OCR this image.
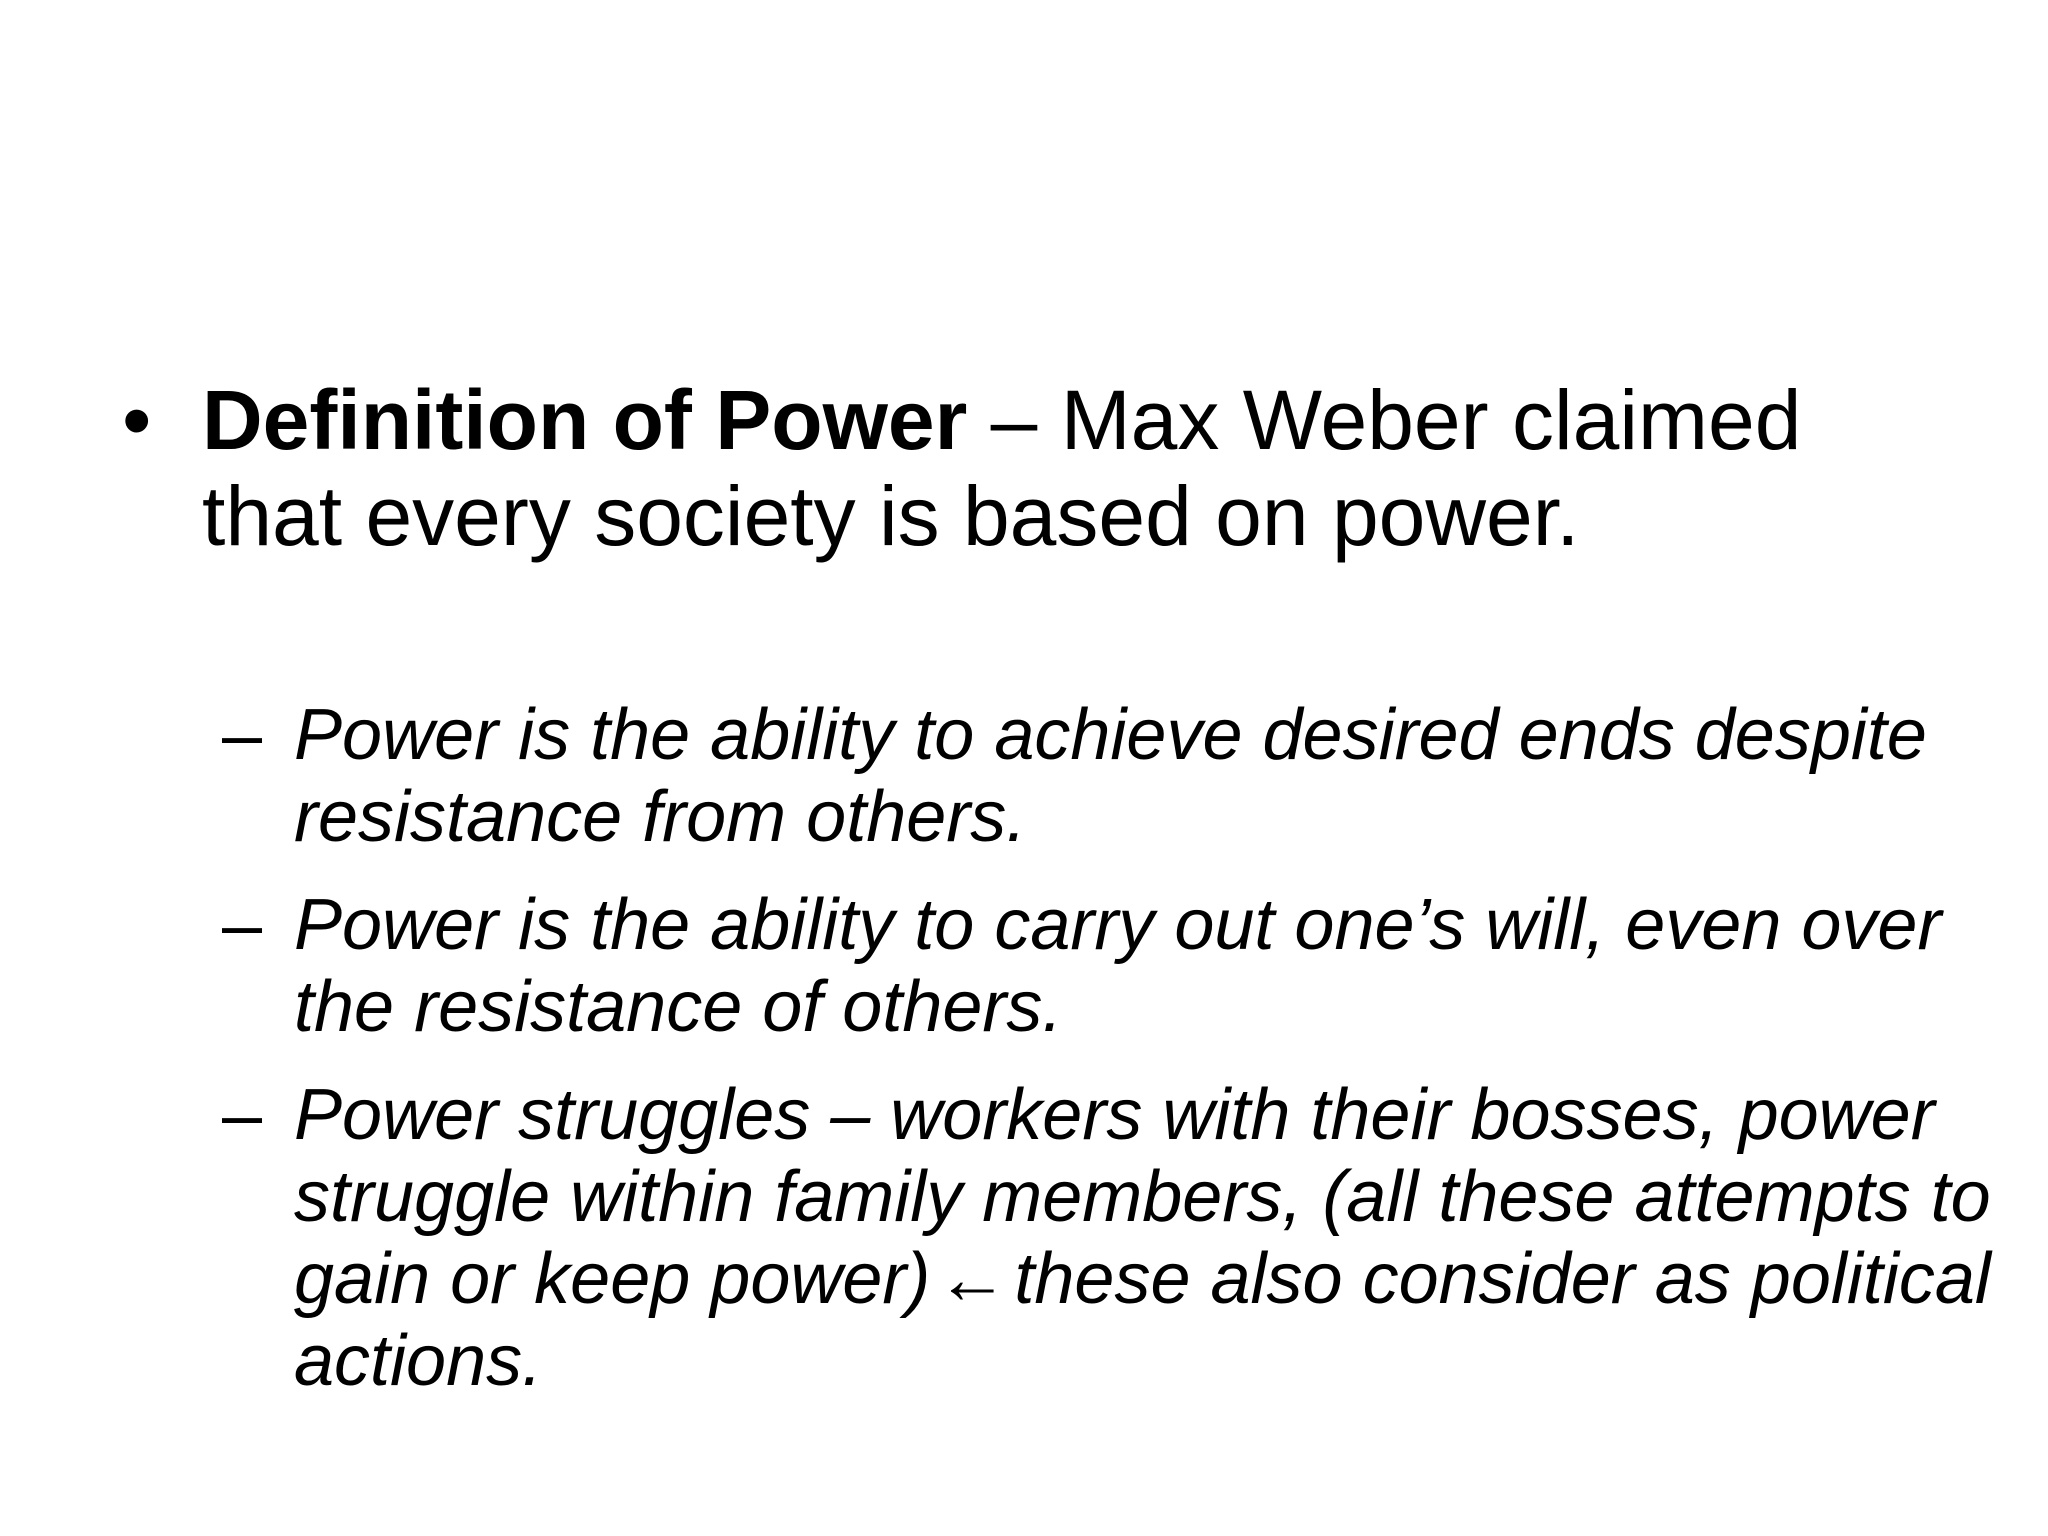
• Definition of Power – Max Weber claimed that every society is based on power.
– Power is the ability to achieve desired ends despite resistance from others.
– Power is the ability to carry out one’s will, even over the resistance of others.
– Power struggles – workers with their bosses, power struggle within family members, (all these attempts to gain or keep power)←these also consider as political actions.
